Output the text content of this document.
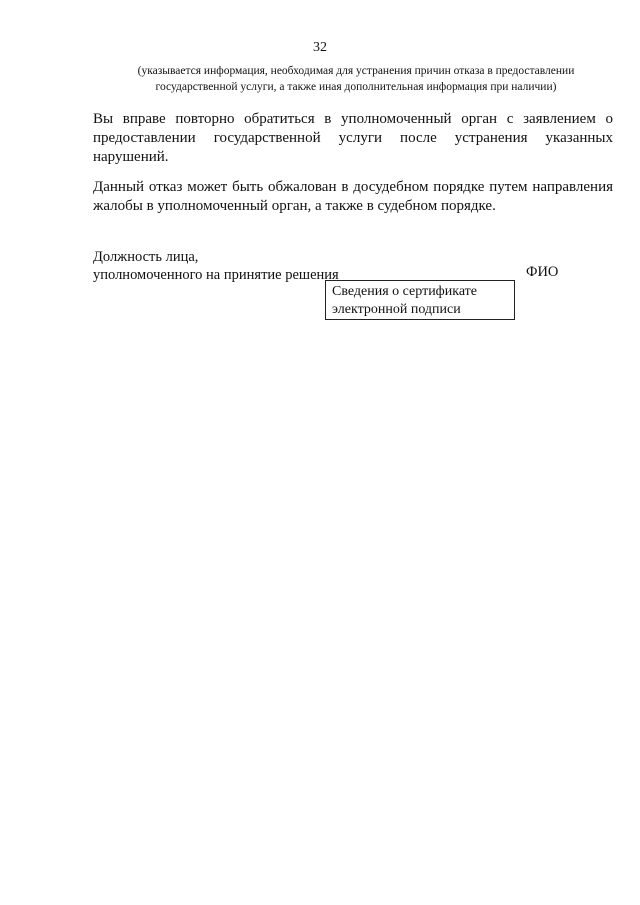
32
(указывается информация, необходимая для устранения причин отказа в предоставлении
государственной услуги, а также иная дополнительная информация при наличии)

Вы вправе повторно обратиться в уполномоченный орган с заявлением о предоставлении государственной услуги после устранения указанных нарушений.

Данный отказ может быть обжалован в досудебном порядке путем направления жалобы в уполномоченный орган, а также в судебном порядке.

Должность лица,
уполномоченного на принятие решения	ФИО
Сведения о сертификате
электронной подписи
